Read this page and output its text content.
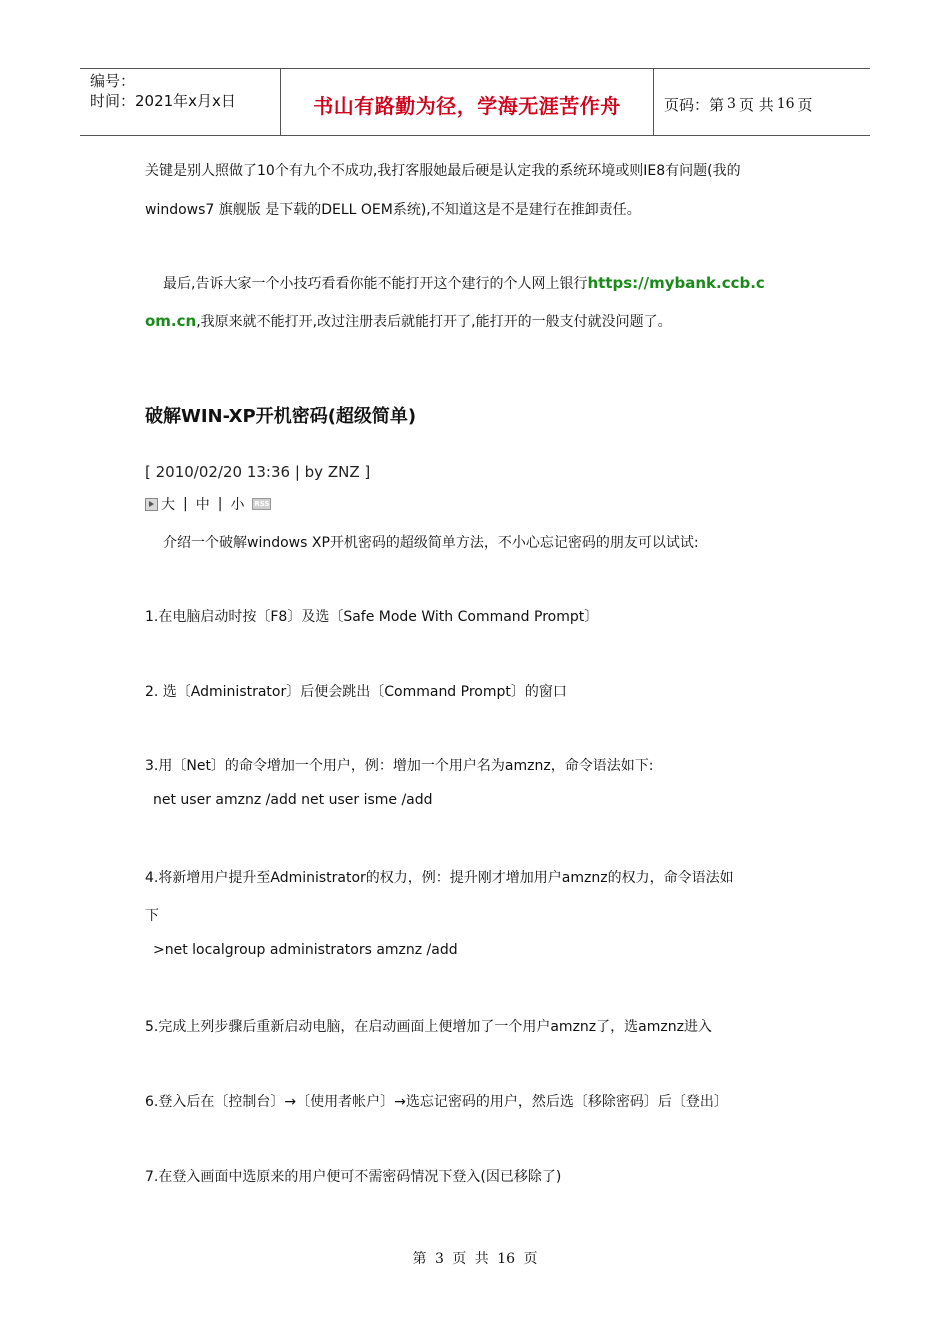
编号：
时间：2021年x月x日	书山有路勤为径，学海无涯苦作舟	页码：第 3 页 共 16 页
关键是别人照做了10个有九个不成功,我打客服她最后硬是认定我的系统环境或则IE8有问题(我的
windows7 旗舰版 是下载的DELL OEM系统),不知道这是不是建行在推卸责任。
最后,告诉大家一个小技巧看看你能不能打开这个建行的个人网上银行https://mybank.ccb.c
om.cn,我原来就不能打开,改过注册表后就能打开了,能打开的一般支付就没问题了。
破解WIN-XP开机密码(超级简单)
[ 2010/02/20 13:36 | by ZNZ ]
大 | 中 | 小 RSS
介绍一个破解windows XP开机密码的超级简单方法，不小心忘记密码的朋友可以试试:
1.在电脑启动时按〔F8〕及选〔Safe Mode With Command Prompt〕
2. 选〔Administrator〕后便会跳出〔Command Prompt〕的窗口
3.用〔Net〕的命令增加一个用户，例：增加一个用户名为amznz，命令语法如下:
net user amznz /add net user isme /add
4.将新增用户提升至Administrator的权力，例：提升刚才增加用户amznz的权力，命令语法如
下
>net localgroup administrators amznz /add
5.完成上列步骤后重新启动电脑，在启动画面上便增加了一个用户amznz了，选amznz进入
6.登入后在〔控制台〕→〔使用者帐户〕→选忘记密码的用户，然后选〔移除密码〕后〔登出〕
7.在登入画面中选原来的用户便可不需密码情况下登入(因已移除了)
第 3 页 共 16 页
